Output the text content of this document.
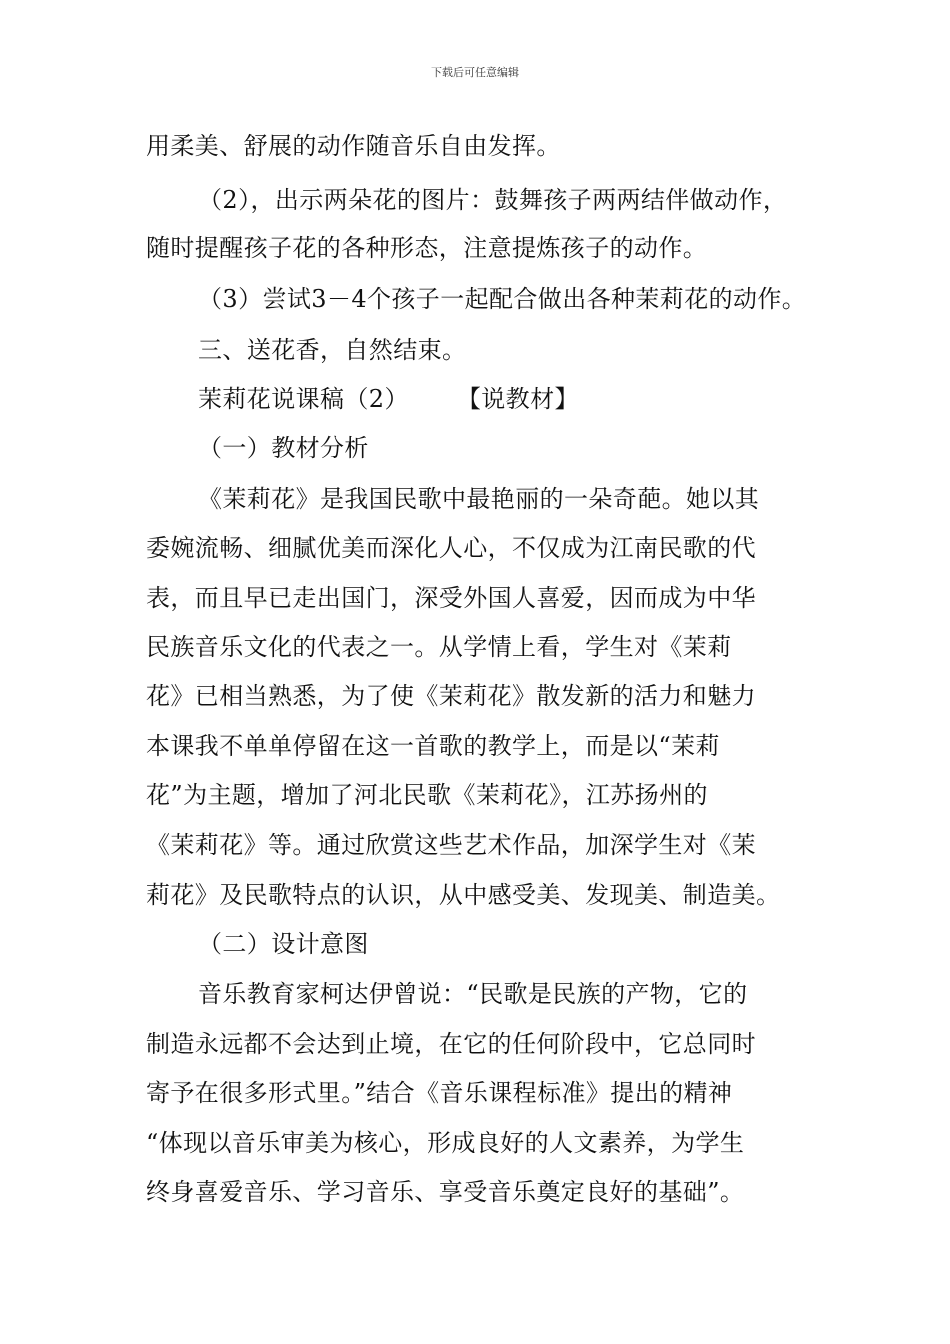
下载后可任意编辑
用柔美、舒展的动作随音乐自由发挥。
（2），出示两朵花的图片：鼓舞孩子两两结伴做动作，
随时提醒孩子花的各种形态，注意提炼孩子的动作。
（3）尝试3－4个孩子一起配合做出各种茉莉花的动作。
三、送花香，自然结束。
茉莉花说课稿（2）	【说教材】
（一）教材分析
《茉莉花》是我国民歌中最艳丽的一朵奇葩。她以其
委婉流畅、细腻优美而深化人心，不仅成为江南民歌的代
表，而且早已走出国门，深受外国人喜爱，因而成为中华
民族音乐文化的代表之一。从学情上看，学生对《茉莉
花》已相当熟悉，为了使《茉莉花》散发新的活力和魅力
本课我不单单停留在这一首歌的教学上，而是以“茉莉
花”为主题，增加了河北民歌《茉莉花》，江苏扬州的
《茉莉花》等。通过欣赏这些艺术作品，加深学生对《茉
莉花》及民歌特点的认识，从中感受美、发现美、制造美。
（二）设计意图
音乐教育家柯达伊曾说：“民歌是民族的产物，它的
制造永远都不会达到止境，在它的任何阶段中，它总同时
寄予在很多形式里。”结合《音乐课程标准》提出的精神
“体现以音乐审美为核心，形成良好的人文素养，为学生
终身喜爱音乐、学习音乐、享受音乐奠定良好的基础”。
